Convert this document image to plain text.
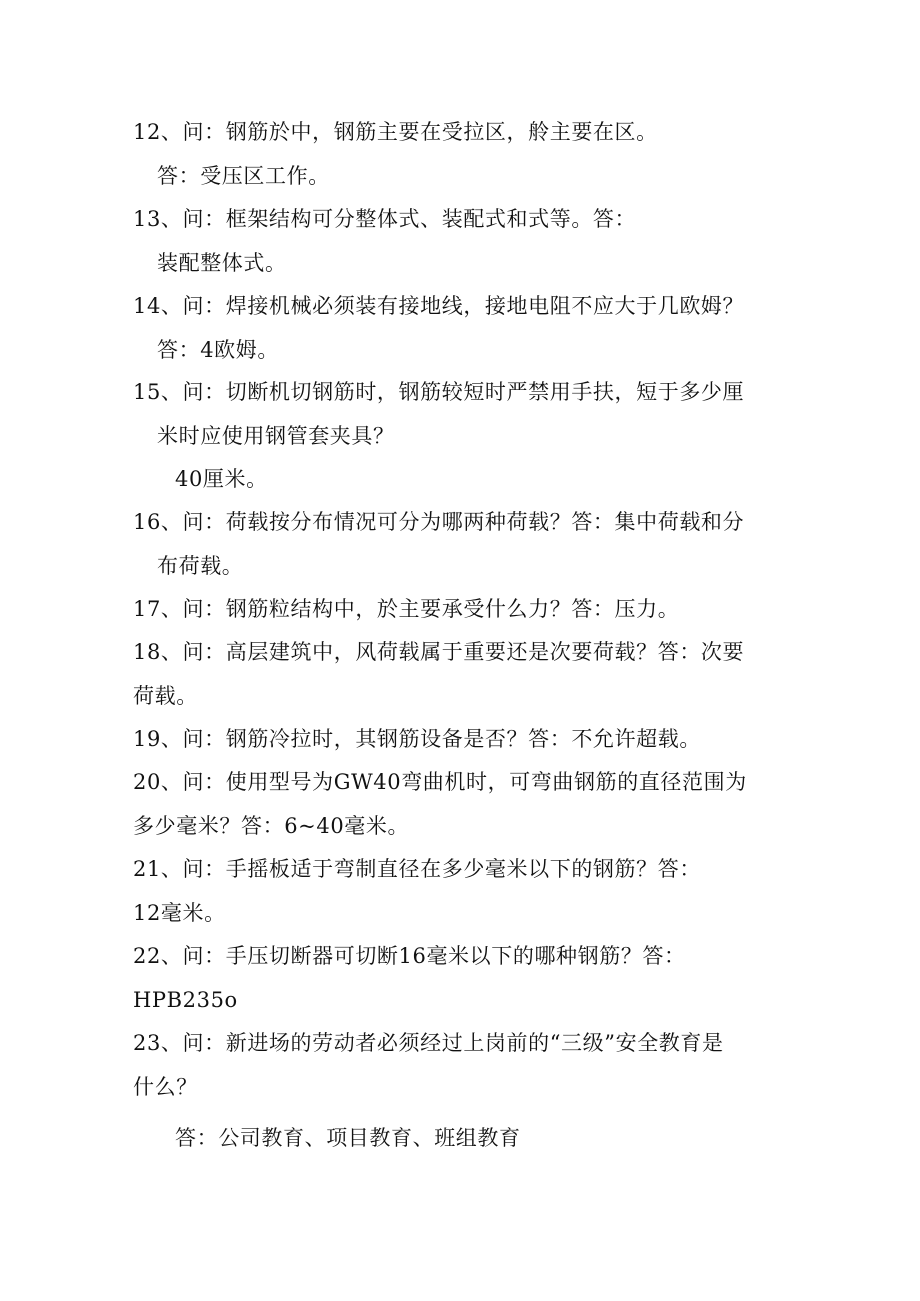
12、问：钢筋於中，钢筋主要在受拉区，舲主要在区。
答：受压区工作。
13、问：框架结构可分整体式、装配式和式等。答：
装配整体式。
14、问：焊接机械必须装有接地线，接地电阻不应大于几欧姆？
答：4欧姆。
15、问：切断机切钢筋时，钢筋较短时严禁用手扶，短于多少厘
米时应使用钢管套夹具？
40厘米。
16、问：荷载按分布情况可分为哪两种荷载？答：集中荷载和分
布荷载。
17、问：钢筋粒结构中，於主要承受什么力？答：压力。
18、问：高层建筑中，风荷载属于重要还是次要荷载？答：次要
荷载。
19、问：钢筋冷拉时，其钢筋设备是否？答：不允许超载。
20、问：使用型号为GW40弯曲机时，可弯曲钢筋的直径范围为
多少毫米？答：6~40毫米。
21、问：手摇板适于弯制直径在多少毫米以下的钢筋？答：
12毫米。
22、问：手压切断器可切断16毫米以下的哪种钢筋？答：
HPB235o
23、问：新进场的劳动者必须经过上岗前的“三级”安全教育是
什么？
答：公司教育、项目教育、班组教育
